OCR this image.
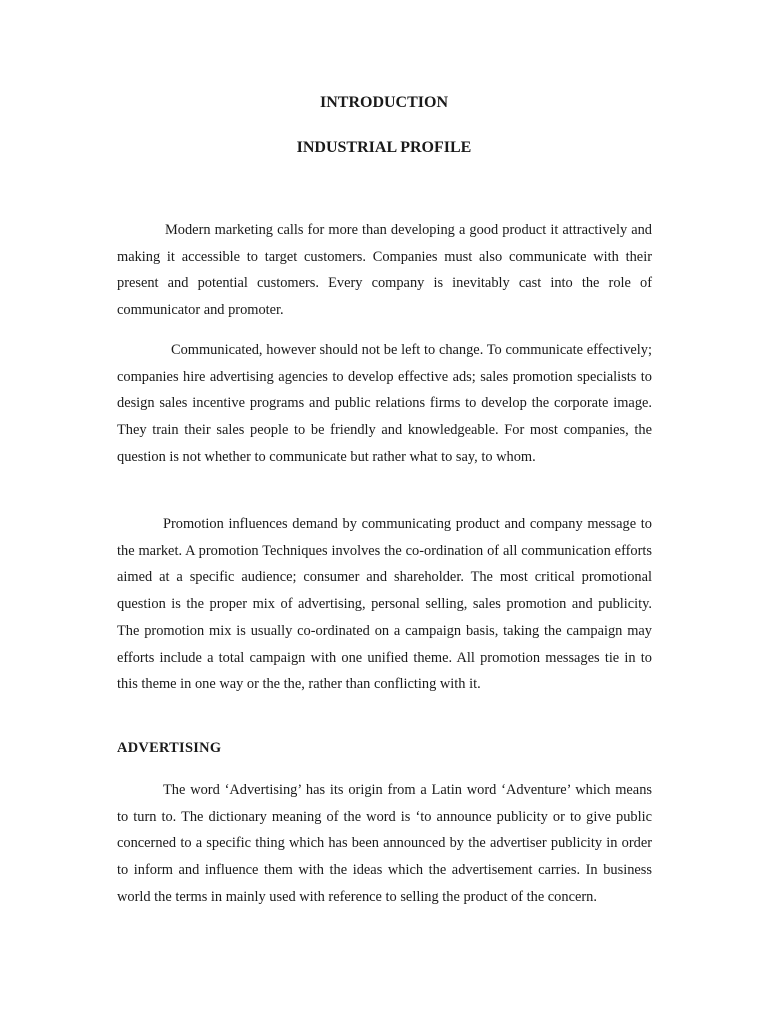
INTRODUCTION
INDUSTRIAL PROFILE

Modern marketing calls for more than developing a good product it attractively and making it accessible to target customers. Companies must also communicate with their present and potential customers. Every company is inevitably cast into the role of communicator and promoter.

Communicated, however should not be left to change. To communicate effectively; companies hire advertising agencies to develop effective ads; sales promotion specialists to design sales incentive programs and public relations firms to develop the corporate image. They train their sales people to be friendly and knowledgeable. For most companies, the question is not whether to communicate but rather what to say, to whom.

Promotion influences demand by communicating product and company message to the market. A promotion Techniques involves the co-ordination of all communication efforts aimed at a specific audience; consumer and shareholder. The most critical promotional question is the proper mix of advertising, personal selling, sales promotion and publicity. The promotion mix is usually co-ordinated on a campaign basis, taking the campaign may efforts include a total campaign with one unified theme. All promotion messages tie in to this theme in one way or the the, rather than conflicting with it.

ADVERTISING

The word ‘Advertising’ has its origin from a Latin word ‘Adventure’ which means to turn to. The dictionary meaning of the word is ‘to announce publicity or to give public concerned to a specific thing which has been announced by the advertiser publicity in order to inform and influence them with the ideas which the advertisement carries. In business world the terms in mainly used with reference to selling the product of the concern.
